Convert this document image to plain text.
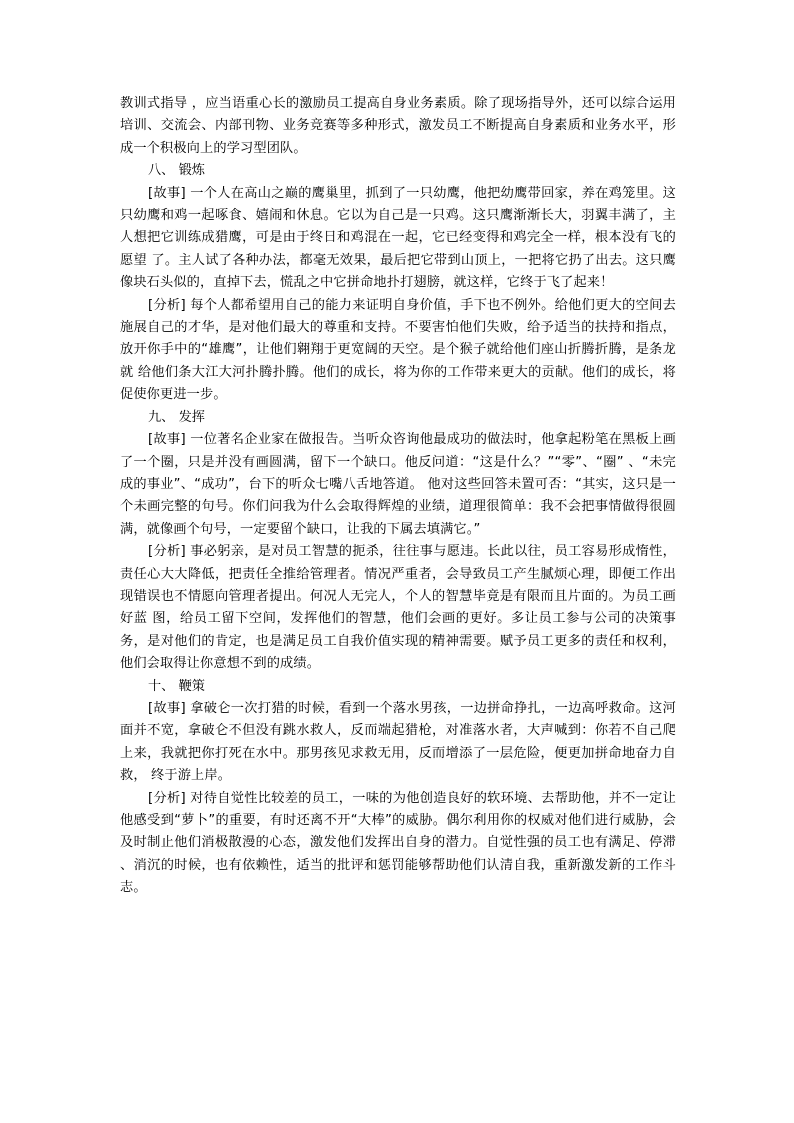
教训式指导 ，应当语重心长的激励员工提高自身业务素质。除了现场指导外，还可以综合运用培训、交流会、内部刊物、业务竞赛等多种形式，激发员工不断提高自身素质和业务水平，形成一个积极向上的学习型团队。

八、 锻炼

[故事] 一个人在高山之巅的鹰巢里，抓到了一只幼鹰，他把幼鹰带回家，养在鸡笼里。这只幼鹰和鸡一起啄食、嬉闹和休息。它以为自己是一只鸡。这只鹰渐渐长大，羽翼丰满了，主人想把它训练成猎鹰，可是由于终日和鸡混在一起，它已经变得和鸡完全一样，根本没有飞的愿望 了。主人试了各种办法，都毫无效果，最后把它带到山顶上，一把将它扔了出去。这只鹰像块石头似的，直掉下去，慌乱之中它拼命地扑打翅膀，就这样，它终于飞了起来！

[分析] 每个人都希望用自己的能力来证明自身价值，手下也不例外。给他们更大的空间去施展自己的才华，是对他们最大的尊重和支持。不要害怕他们失败，给予适当的扶持和指点，放开你手中的“雄鹰”，让他们翱翔于更宽阔的天空。是个猴子就给他们座山折腾折腾，是条龙就 给他们条大江大河扑腾扑腾。他们的成长，将为你的工作带来更大的贡献。他们的成长，将促使你更进一步。

九、 发挥

[故事] 一位著名企业家在做报告。当听众咨询他最成功的做法时，他拿起粉笔在黑板上画了一个圈，只是并没有画圆满，留下一个缺口。他反问道：“这是什么？”“零”、“圈” 、“未完成的事业”、“成功”，台下的听众七嘴八舌地答道。 他对这些回答未置可否：“其实，这只是一个未画完整的句号。你们问我为什么会取得辉煌的业绩，道理很简单：我不会把事情做得很圆满，就像画个句号，一定要留个缺口，让我的下属去填满它。”

[分析] 事必躬亲，是对员工智慧的扼杀，往往事与愿违。长此以往，员工容易形成惰性，责任心大大降低，把责任全推给管理者。情况严重者，会导致员工产生腻烦心理，即便工作出现错误也不情愿向管理者提出。何况人无完人，个人的智慧毕竟是有限而且片面的。为员工画好蓝 图，给员工留下空间，发挥他们的智慧，他们会画的更好。多让员工参与公司的决策事务，是对他们的肯定，也是满足员工自我价值实现的精神需要。赋予员工更多的责任和权利，他们会取得让你意想不到的成绩。

十、 鞭策

[故事] 拿破仑一次打猎的时候，看到一个落水男孩，一边拼命挣扎，一边高呼救命。这河面并不宽，拿破仑不但没有跳水救人，反而端起猎枪，对准落水者，大声喊到：你若不自己爬上来，我就把你打死在水中。那男孩见求救无用，反而增添了一层危险，便更加拼命地奋力自救， 终于游上岸。

[分析] 对待自觉性比较差的员工，一味的为他创造良好的软环境、去帮助他，并不一定让他感受到“萝卜”的重要，有时还离不开“大棒”的威胁。偶尔利用你的权威对他们进行威胁，会及时制止他们消极散漫的心态，激发他们发挥出自身的潜力。自觉性强的员工也有满足、停滞 、消沉的时候，也有依赖性，适当的批评和惩罚能够帮助他们认清自我，重新激发新的工作斗志。
